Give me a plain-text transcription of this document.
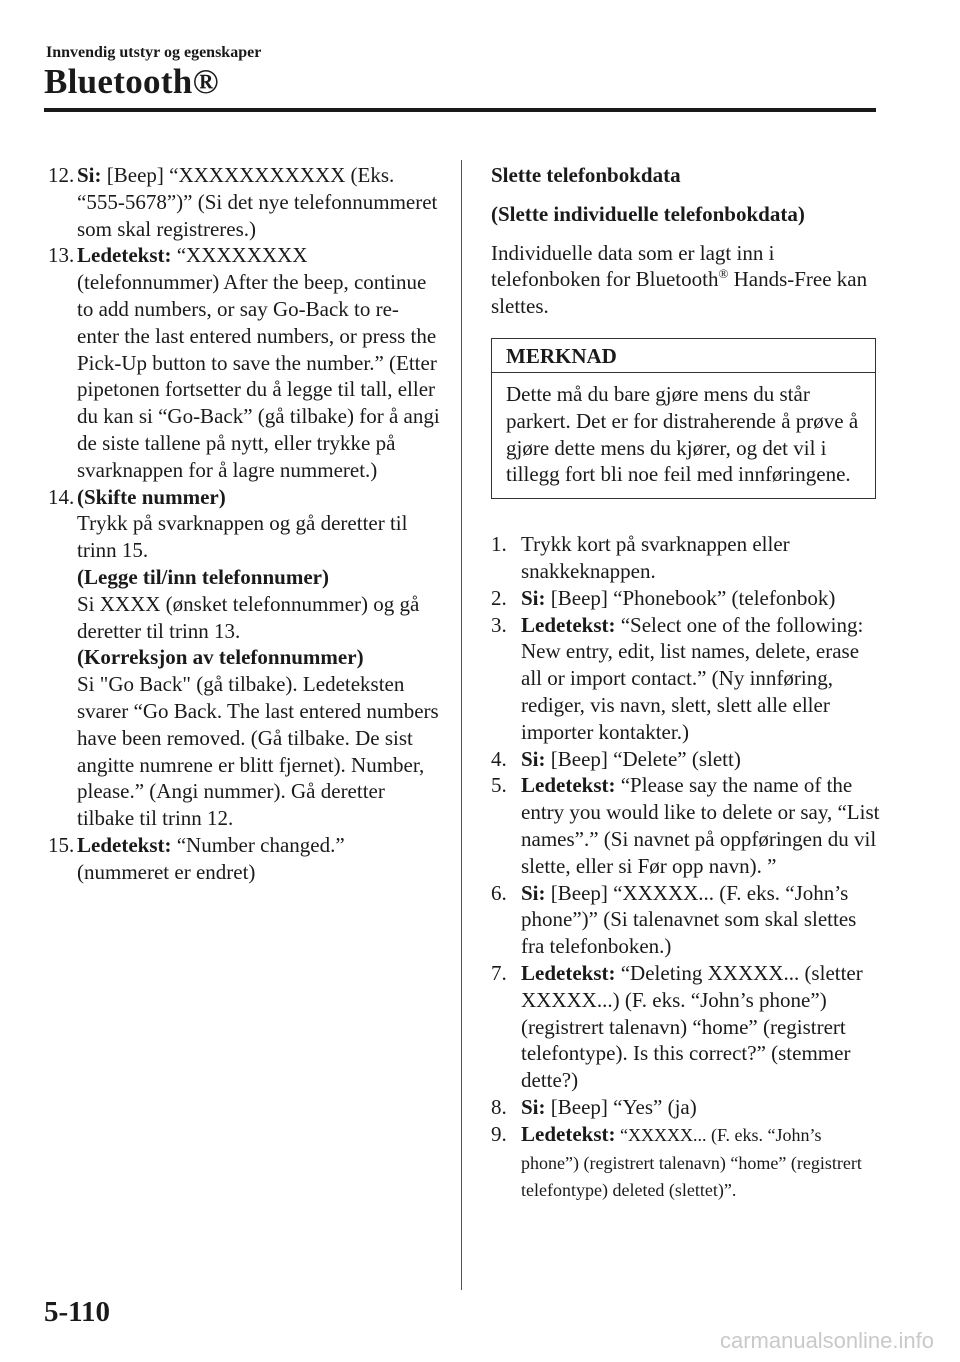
Innvendig utstyr og egenskaper
Bluetooth®
12. Si: [Beep] “XXXXXXXXXXX (Eks. “555-5678”)” (Si det nye telefonnummeret som skal registreres.)
13. Ledetekst: “XXXXXXXX (telefonnummer) After the beep, continue to add numbers, or say Go-Back to re-enter the last entered numbers, or press the Pick-Up button to save the number.” (Etter pipetonen fortsetter du å legge til tall, eller du kan si “Go-Back” (gå tilbake) for å angi de siste tallene på nytt, eller trykke på svarknappen for å lagre nummeret.)
14. (Skifte nummer)
Trykk på svarknappen og gå deretter til trinn 15.
(Legge til/inn telefonnumer)
Si XXXX (ønsket telefonnummer) og gå deretter til trinn 13.
(Korreksjon av telefonnummer)
Si "Go Back" (gå tilbake). Ledeteksten svarer “Go Back. The last entered numbers have been removed. (Gå tilbake. De sist angitte numrene er blitt fjernet). Number, please.” (Angi nummer). Gå deretter tilbake til trinn 12.
15. Ledetekst: “Number changed.” (nummeret er endret)
Slette telefonbokdata
(Slette individuelle telefonbokdata)
Individuelle data som er lagt inn i telefonboken for Bluetooth® Hands-Free kan slettes.
MERKNAD
Dette må du bare gjøre mens du står parkert. Det er for distraherende å prøve å gjøre dette mens du kjører, og det vil i tillegg fort bli noe feil med innføringene.
1. Trykk kort på svarknappen eller snakkeknappen.
2. Si: [Beep] “Phonebook” (telefonbok)
3. Ledetekst: “Select one of the following: New entry, edit, list names, delete, erase all or import contact.” (Ny innføring, rediger, vis navn, slett, slett alle eller importer kontakter.)
4. Si: [Beep] “Delete” (slett)
5. Ledetekst: “Please say the name of the entry you would like to delete or say, “List names”.” (Si navnet på oppføringen du vil slette, eller si Før opp navn). ”
6. Si: [Beep] “XXXXX... (F. eks. “John’s phone”)” (Si talenavnet som skal slettes fra telefonboken.)
7. Ledetekst: “Deleting XXXXX... (sletter XXXXX...) (F. eks. “John’s phone”) (registrert talenavn) “home” (registrert telefontype). Is this correct?” (stemmer dette?)
8. Si: [Beep] “Yes” (ja)
9. Ledetekst: “XXXXX... (F. eks. “John’s phone”) (registrert talenavn) “home” (registrert telefontype) deleted (slettet)”.
5-110
carmanualsonline.info
